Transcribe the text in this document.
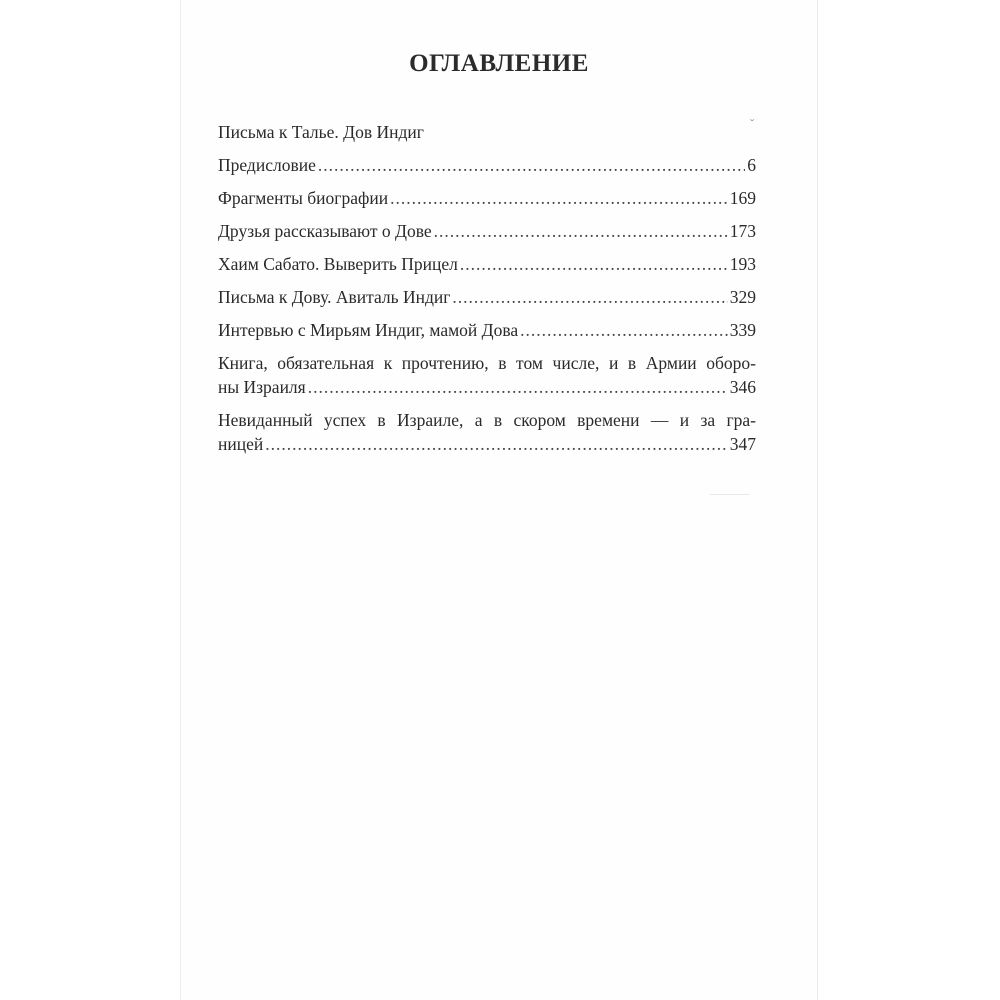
ОГЛАВЛЕНИЕ
ˇ
Письма к Талье. Дов Индиг
Предисловие .....	6
Фрагменты биографии .....	169
Друзья рассказывают о Дове .....	173
Хаим Сабато. Выверить Прицел .....	193
Письма к Дову. Авиталь Индиг .....	329
Интервью с Мирьям Индиг, мамой Дова .....	339
Книга, обязательная к прочтению, в том числе, и в Армии оборо-
ны Израиля .....	346
Невиданный успех в Израиле, а в скором времени — и за гра-
ницей .....	347
